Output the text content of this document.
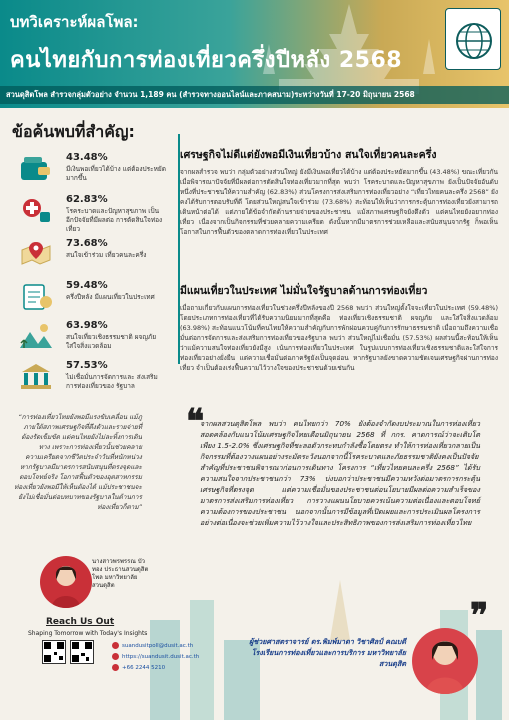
บทวิเคราะห์ผลโพล:
คนไทยกับการท่องเที่ยวครึ่งปีหลัง 2568
สวนดุสิตโพล สำรวจกลุ่มตัวอย่าง จำนวน 1,189 คน (สำรวจทางออนไลน์และภาคสนาม)ระหว่างวันที่ 17-20 มิถุนายน 2568
ข้อค้นพบที่สำคัญ:
43.48%
มีเงินพอเที่ยวได้บ้าง แต่ต้องประหยัดมากขึ้น
62.83%
โรคระบาดและปัญหาสุขภาพ เป็นอีกปัจจัยที่มีผลต่อ การตัดสินใจท่องเที่ยว
73.68%
สนใจเข้าร่วม เที่ยวคนละครึ่ง
59.48%
ครึ่งปีหลัง มีแผนเที่ยวในประเทศ
63.98%
สนใจเที่ยวเชิงธรรมชาติ ผจญภัย ใส่ใจสิ่งแวดล้อม
57.53%
ไม่เชื่อมั่นการจัดการและ ส่งเสริมการท่องเที่ยวของ รัฐบาล
เศรษฐกิจไม่ดีแต่ยังพอมีเงินเที่ยวบ้าง สนใจเที่ยวคนละครึ่ง
จากผลสำรวจ พบว่า กลุ่มตัวอย่างส่วนใหญ่ ยังมีเงินพอเที่ยวได้บ้าง แต่ต้องประหยัดมากขึ้น (43.48%) ขณะเที่ยวกันเมื่อพิจารณาปัจจัยที่มีผลต่อการตัดสินใจท่องเที่ยวมากที่สุด พบว่า โรคระบาดและปัญหาสุขภาพ ยังเป็นปัจจัยอันดับหนึ่งที่ประชาชนให้ความสำคัญ (62.83%) ส่วนโครงการส่งเสริมการท่องเที่ยวอย่าง “เที่ยวไทยคนละครึ่ง 2568” ยังคงได้รับการตอบรับที่ดี โดยส่วนใหญ่สนใจเข้าร่วม (73.68%) สะท้อนให้เห็นว่าการกระตุ้นการท่องเที่ยวยังสามารถเดินหน้าต่อได้ แต่ภายใต้ข้อจำกัดด้านรายจ่ายของประชาชน แม้สภาพเศรษฐกิจยังตึงตัว แต่คนไทยยังอยากท่องเที่ยว เนื่องจากเป็นกิจกรรมที่ช่วยคลายความเครียด ดังนั้นหากมีมาตรการช่วยเหลือและสนับสนุนจากรัฐ ก็พอเห็นโอกาสในการฟื้นตัวของตลาดการท่องเที่ยวในประเทศ
มีแผนเที่ยวในประเทศ ไม่มั่นใจรัฐบาลด้านการท่องเที่ยว
เมื่อถามเกี่ยวกับแผนการท่องเที่ยวในช่วงครึ่งปีหลังของปี 2568 พบว่า ส่วนใหญ่ตั้งใจจะเที่ยวในประเทศ (59.48%) โดยประเภทการท่องเที่ยวที่ได้รับความนิยมมากที่สุดคือ ท่องเที่ยวเชิงธรรมชาติ ผจญภัย และใส่ใจสิ่งแวดล้อม (63.98%) สะท้อนแนวโน้มที่คนไทยให้ความสำคัญกับการพักผ่อนควบคู่กับการรักษาธรรมชาติ เมื่อถามถึงความเชื่อมั่นต่อการจัดการและส่งเสริมการท่องเที่ยวของรัฐบาล พบว่า ส่วนใหญ่ไม่เชื่อมั่น (57.53%) ผลส่วนนี้สะท้อนให้เห็นว่าแม้ความสนใจท่องเที่ยวยังมีสูง เน้นการท่องเที่ยวในประเทศ ในรูปแบบการท่องเที่ยวเชิงธรรมชาติและใส่ใจการท่องเที่ยวอย่างยั่งยืน แต่ความเชื่อมั่นต่อภาครัฐยังเป็นจุดอ่อน หากรัฐบาลยังขาดความชัดเจนเศรษฐกิจผ่านการท่องเที่ยว จำเป็นต้องเร่งฟื้นความไว้วางใจของประชาชนด้วยเช่นกัน
“การท่องเที่ยวไทยยังพอมีแรงขับเคลื่อน แม้ภูภายใต้สภาพเศรษฐกิจที่ตึงตัวและรายจ่ายที่ต้องรัดเข็มขัด แต่คนไทยยังไม่ละทิ้งการเดินทาง เพราะการท่องเที่ยวนั้นช่วยคลายความเครียดจากชีวิตประจำวันที่หนักหน่วง หากรัฐบาลมีมาตรการสนับสนุนที่ตรงจุดและตอบโจทย์จริง โอกาสฟื้นตัวของอุตสาหกรรมท่องเที่ยวยังพอมีให้เห็นต้องได้ แม้ประชาชนจะยังไม่เชื่อมั่นต่อบทบาทของรัฐบาลในด้านการท่องเที่ยวก็ตาม”
นางสาวพรพรรณ บัวทอง ประธานสวนดุสิตโพล มหาวิทยาลัยสวนดุสิต
Reach Us Out
Shaping Tomorrow with Today's Insights
suandusitpoll@dusit.ac.th
https://suandusit.dusit.ac.th
+66 2244 5210
❝
จากผลสวนดุสิตโพล พบว่า คนไทยกว่า 70% ยังต้องจำกัดงบประมาณในการท่องเที่ยว สอดคล้องกับแนวโน้มเศรษฐกิจไทยเดือนมิถุนายน 2568 ที่ กกร. คาดการณ์ว่าจะเติบโตเพียง 1.5-2.0% ซึ่งเศรษฐกิจที่ชะลอตัวกระทบกำลังซื้อโดยตรง ทำให้การท่องเที่ยวกลายเป็นกิจกรรมที่ต้องวางแผนอย่างระมัดระวังนอกจากนี้โรคระบาดและภัยธรรมชาติยังคงเป็นปัจจัยสำคัญที่ประชาชนพิจารณาก่อนการเดินทาง โครงการ “เที่ยวไทยคนละครึ่ง 2568” ได้รับความสนใจจากประชาชนกว่า 73% บ่งบอกว่าประชาชนมีความหวังต่อมาตรการกระตุ้นเศรษฐกิจที่ตรงจุด แต่ความเชื่อมั่นของประชาชนต่อนโยบายมีผลต่อความสำเร็จของมาตรการส่งเสริมการท่องเที่ยว การวางแผนนโยบายควรเน้นความต่อเนื่องและตอบโจทย์ความต้องการของประชาชน นอกจากนั้นการมีข้อมูลที่เปิดเผยและการประเมินผลโครงการอย่างต่อเนื่องจะช่วยเพิ่มความไว้วางใจและประสิทธิภาพของการส่งเสริมการท่องเที่ยวไทย
❞
ผู้ช่วยศาสตราจารย์ ดร.พิมพ์มาดา วิชาศิลป์ คณบดีโรงเรียนการท่องเที่ยวและการบริการ มหาวิทยาลัยสวนดุสิต
